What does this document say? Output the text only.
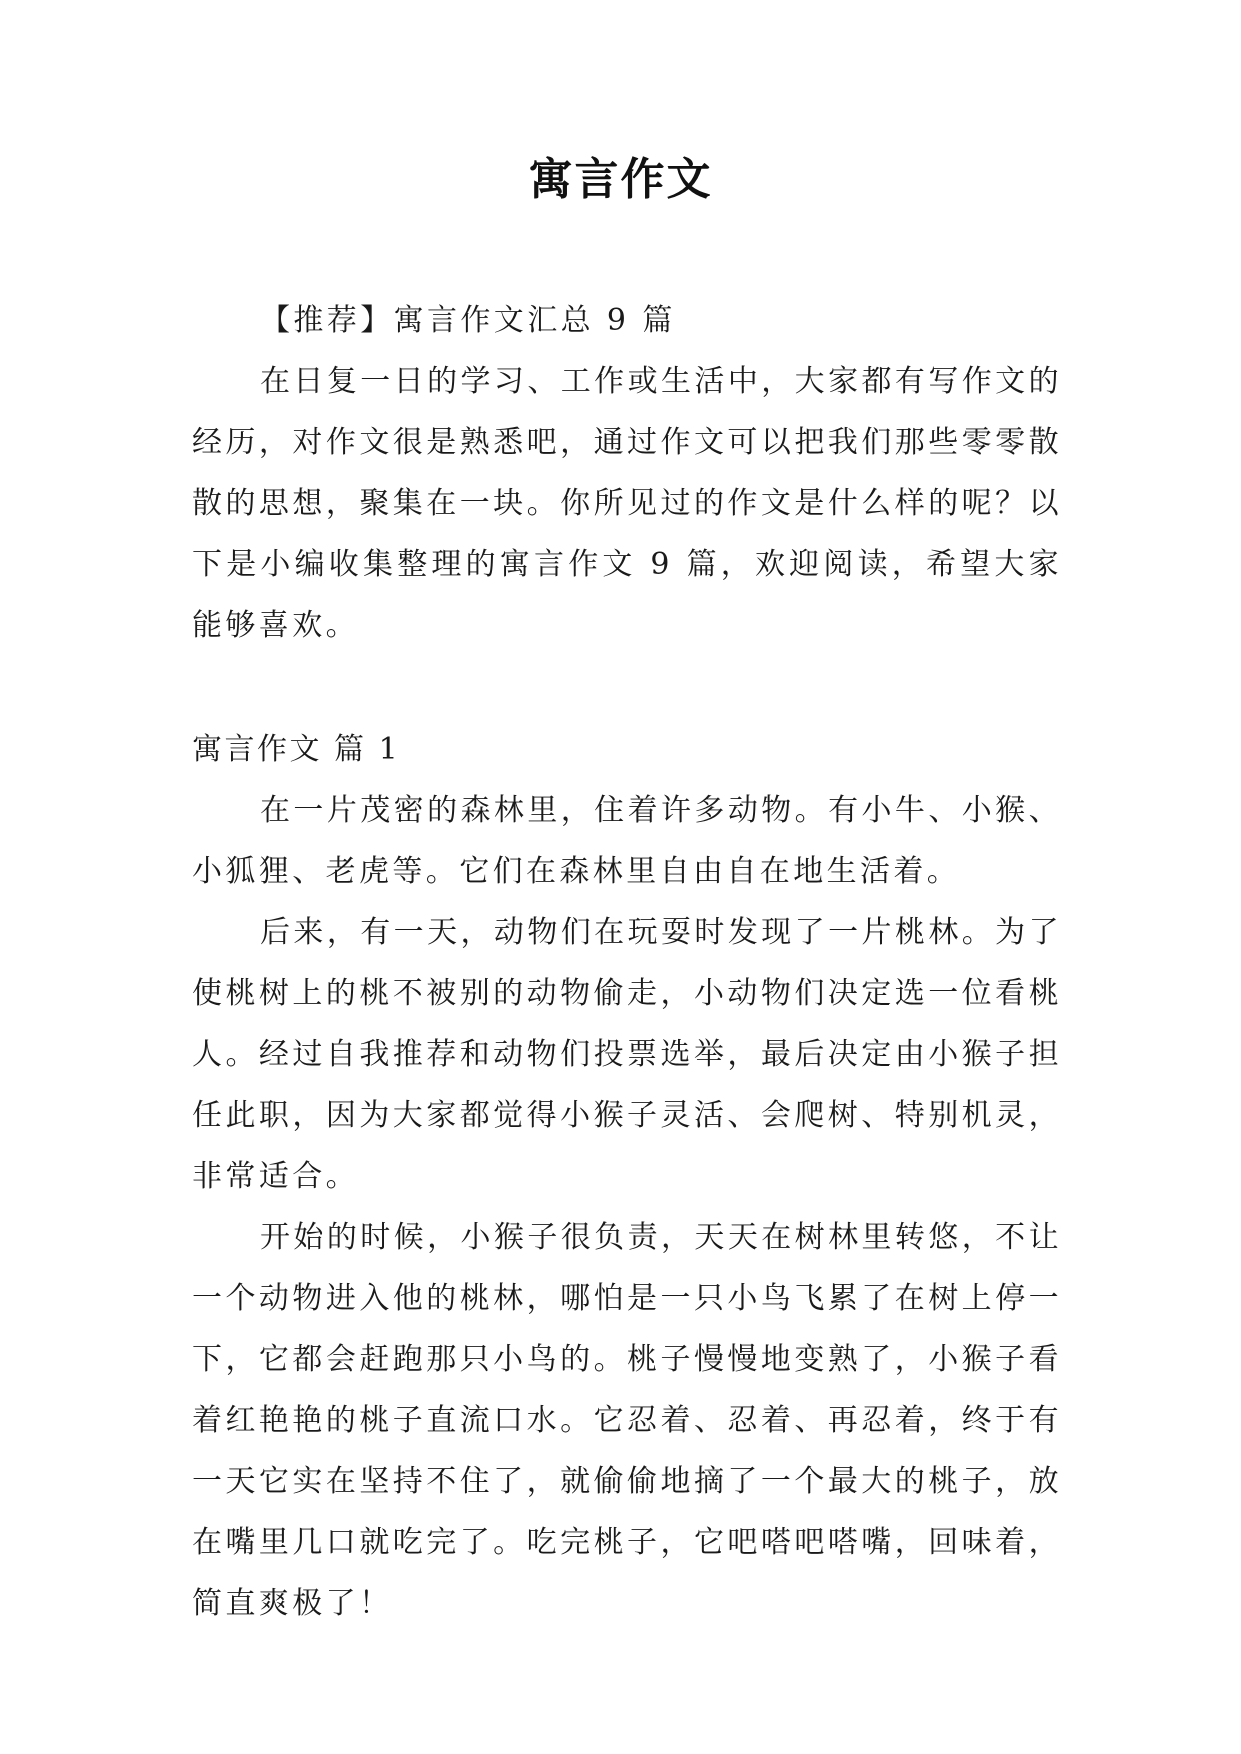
寓言作文

【推荐】寓言作文汇总 9 篇

在日复一日的学习、工作或生活中，大家都有写作文的经历，对作文很是熟悉吧，通过作文可以把我们那些零零散散的思想，聚集在一块。你所见过的作文是什么样的呢？以下是小编收集整理的寓言作文 9 篇，欢迎阅读，希望大家能够喜欢。

寓言作文 篇 1

在一片茂密的森林里，住着许多动物。有小牛、小猴、小狐狸、老虎等。它们在森林里自由自在地生活着。

后来，有一天，动物们在玩耍时发现了一片桃林。为了使桃树上的桃不被别的动物偷走，小动物们决定选一位看桃人。经过自我推荐和动物们投票选举，最后决定由小猴子担任此职，因为大家都觉得小猴子灵活、会爬树、特别机灵，非常适合。

开始的时候，小猴子很负责，天天在树林里转悠，不让一个动物进入他的桃林，哪怕是一只小鸟飞累了在树上停一下，它都会赶跑那只小鸟的。桃子慢慢地变熟了，小猴子看着红艳艳的桃子直流口水。它忍着、忍着、再忍着，终于有一天它实在坚持不住了，就偷偷地摘了一个最大的桃子，放在嘴里几口就吃完了。吃完桃子，它吧嗒吧嗒嘴，回味着，简直爽极了！
